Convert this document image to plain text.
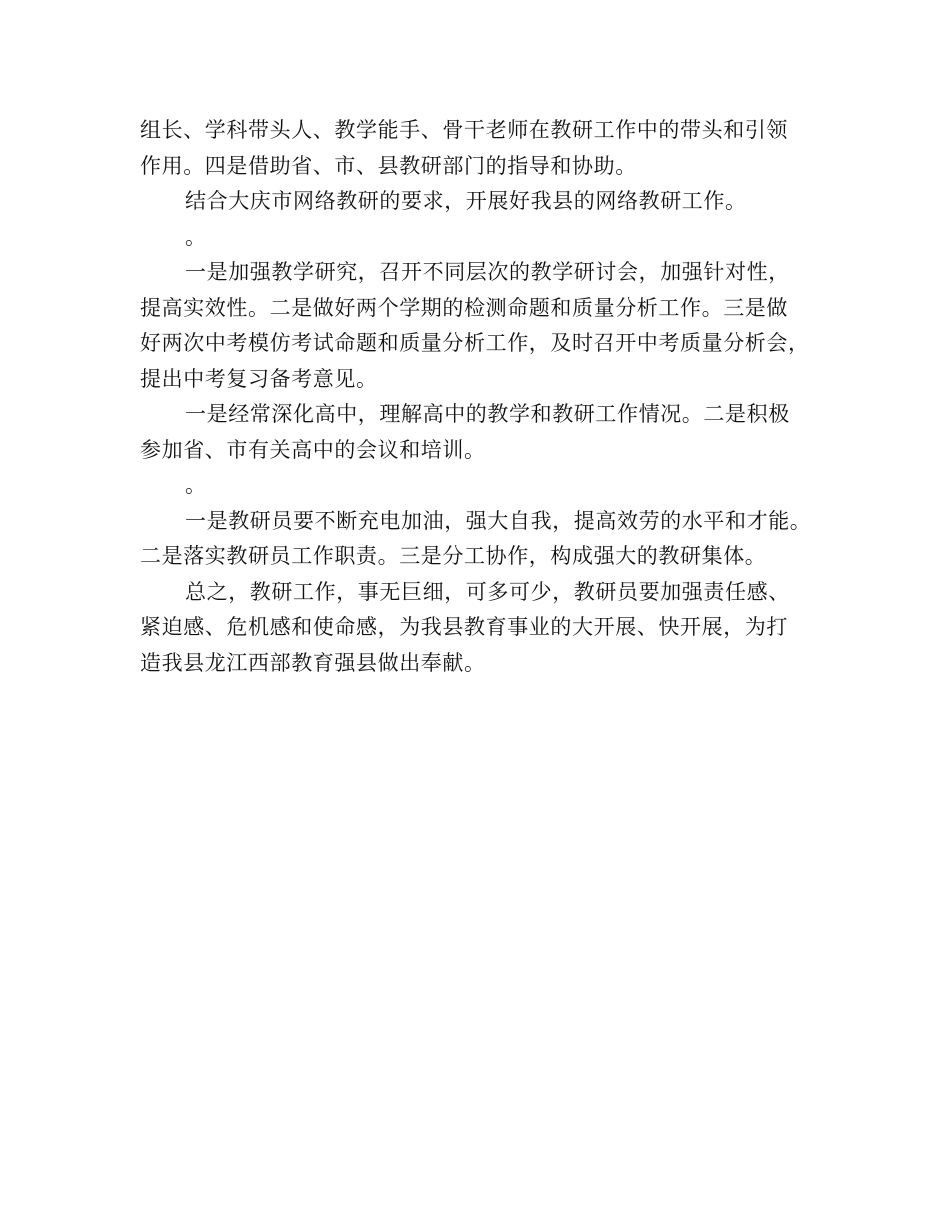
组长、学科带头人、教学能手、骨干老师在教研工作中的带头和引领
作用。四是借助省、市、县教研部门的指导和协助。

结合大庆市网络教研的要求，开展好我县的网络教研工作。

。

一是加强教学研究，召开不同层次的教学研讨会，加强针对性，
提高实效性。二是做好两个学期的检测命题和质量分析工作。三是做
好两次中考模仿考试命题和质量分析工作，及时召开中考质量分析会，
提出中考复习备考意见。

一是经常深化高中，理解高中的教学和教研工作情况。二是积极
参加省、市有关高中的会议和培训。

。

一是教研员要不断充电加油，强大自我，提高效劳的水平和才能。
二是落实教研员工作职责。三是分工协作，构成强大的教研集体。

总之，教研工作，事无巨细，可多可少，教研员要加强责任感、
紧迫感、危机感和使命感，为我县教育事业的大开展、快开展，为打
造我县龙江西部教育强县做出奉献。
